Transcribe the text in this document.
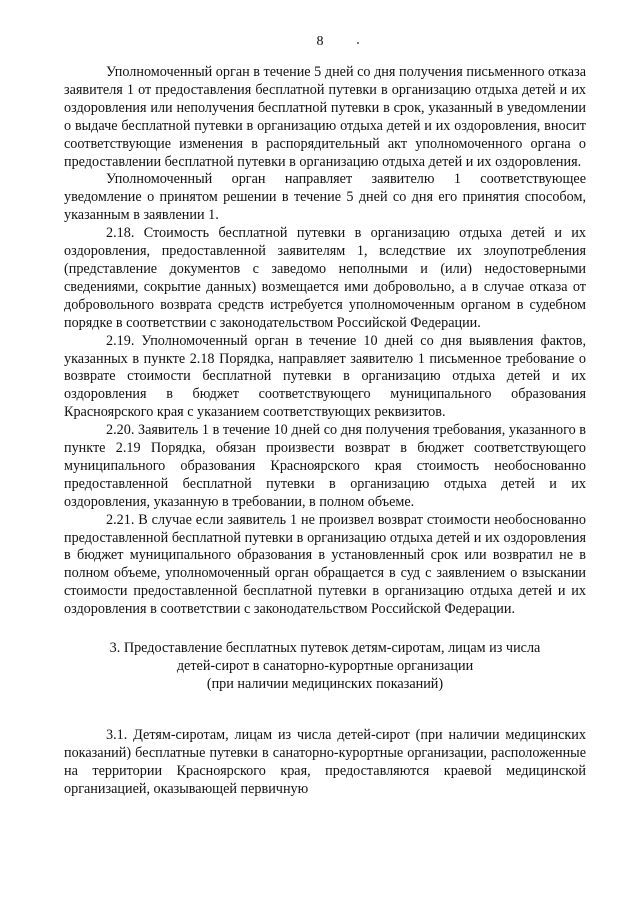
8

Уполномоченный орган в течение 5 дней со дня получения письменного отказа заявителя 1 от предоставления бесплатной путевки в организацию отдыха детей и их оздоровления или неполучения бесплатной путевки в срок, указанный в уведомлении о выдаче бесплатной путевки в организацию отдыха детей и их оздоровления, вносит соответствующие изменения в распорядительный акт уполномоченного органа о предоставлении бесплатной путевки в организацию отдыха детей и их оздоровления.

Уполномоченный орган направляет заявителю 1 соответствующее уведомление о принятом решении в течение 5 дней со дня его принятия способом, указанным в заявлении 1.

2.18. Стоимость бесплатной путевки в организацию отдыха детей и их оздоровления, предоставленной заявителям 1, вследствие их злоупотребления (представление документов с заведомо неполными и (или) недостоверными сведениями, сокрытие данных) возмещается ими добровольно, а в случае отказа от добровольного возврата средств истребуется уполномоченным органом в судебном порядке в соответствии с законодательством Российской Федерации.

2.19. Уполномоченный орган в течение 10 дней со дня выявления фактов, указанных в пункте 2.18 Порядка, направляет заявителю 1 письменное требование о возврате стоимости бесплатной путевки в организацию отдыха детей и их оздоровления в бюджет соответствующего муниципального образования Красноярского края с указанием соответствующих реквизитов.

2.20. Заявитель 1 в течение 10 дней со дня получения требования, указанного в пункте 2.19 Порядка, обязан произвести возврат в бюджет соответствующего муниципального образования Красноярского края стоимость необоснованно предоставленной бесплатной путевки в организацию отдыха детей и их оздоровления, указанную в требовании, в полном объеме.

2.21. В случае если заявитель 1 не произвел возврат стоимости необоснованно предоставленной бесплатной путевки в организацию отдыха детей и их оздоровления в бюджет муниципального образования в установленный срок или возвратил не в полном объеме, уполномоченный орган обращается в суд с заявлением о взыскании стоимости предоставленной бесплатной путевки в организацию отдыха детей и их оздоровления в соответствии с законодательством Российской Федерации.

3. Предоставление бесплатных путевок детям-сиротам, лицам из числа
детей-сирот в санаторно-курортные организации
(при наличии медицинских показаний)

3.1. Детям-сиротам, лицам из числа детей-сирот (при наличии медицинских показаний) бесплатные путевки в санаторно-курортные организации, расположенные на территории Красноярского края, предоставляются краевой медицинской организацией, оказывающей первичную
